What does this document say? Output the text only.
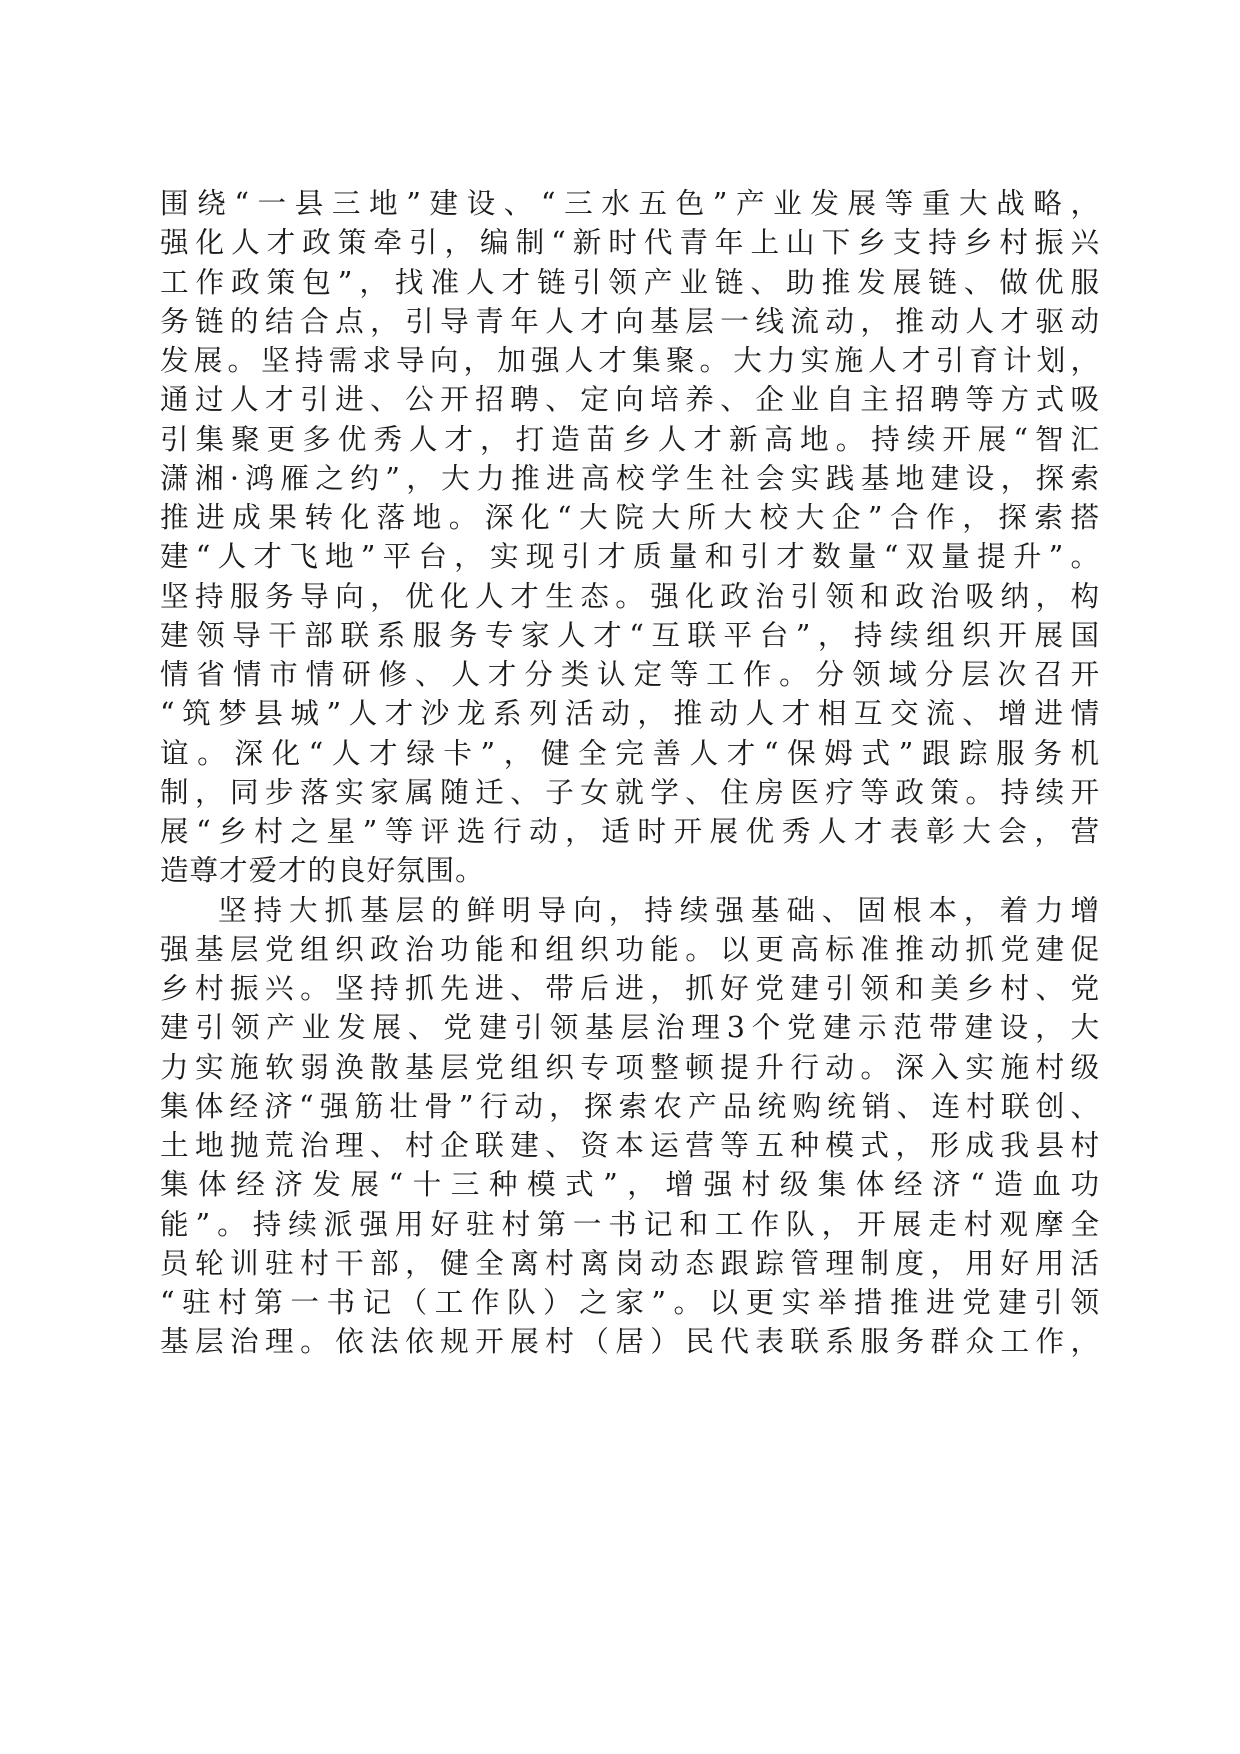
围绕“一县三地”建设、“三水五色”产业发展等重大战略，
强化人才政策牵引，编制“新时代青年上山下乡支持乡村振兴
工作政策包”，找准人才链引领产业链、助推发展链、做优服
务链的结合点，引导青年人才向基层一线流动，推动人才驱动
发展。坚持需求导向，加强人才集聚。大力实施人才引育计划，
通过人才引进、公开招聘、定向培养、企业自主招聘等方式吸
引集聚更多优秀人才，打造苗乡人才新高地。持续开展“智汇
潇湘·鸿雁之约”，大力推进高校学生社会实践基地建设，探索
推进成果转化落地。深化“大院大所大校大企”合作，探索搭
建“人才飞地”平台，实现引才质量和引才数量“双量提升”。
坚持服务导向，优化人才生态。强化政治引领和政治吸纳，构
建领导干部联系服务专家人才“互联平台”，持续组织开展国
情省情市情研修、人才分类认定等工作。分领域分层次召开
“筑梦县城”人才沙龙系列活动，推动人才相互交流、增进情
谊。深化“人才绿卡”，健全完善人才“保姆式”跟踪服务机
制，同步落实家属随迁、子女就学、住房医疗等政策。持续开
展“乡村之星”等评选行动，适时开展优秀人才表彰大会，营
造尊才爱才的良好氛围。
坚持大抓基层的鲜明导向，持续强基础、固根本，着力增
强基层党组织政治功能和组织功能。以更高标准推动抓党建促
乡村振兴。坚持抓先进、带后进，抓好党建引领和美乡村、党
建引领产业发展、党建引领基层治理3个党建示范带建设，大
力实施软弱涣散基层党组织专项整顿提升行动。深入实施村级
集体经济“强筋壮骨”行动，探索农产品统购统销、连村联创、
土地抛荒治理、村企联建、资本运营等五种模式，形成我县村
集体经济发展“十三种模式”，增强村级集体经济“造血功
能”。持续派强用好驻村第一书记和工作队，开展走村观摩全
员轮训驻村干部，健全离村离岗动态跟踪管理制度，用好用活
“驻村第一书记（工作队）之家”。以更实举措推进党建引领
基层治理。依法依规开展村（居）民代表联系服务群众工作，
